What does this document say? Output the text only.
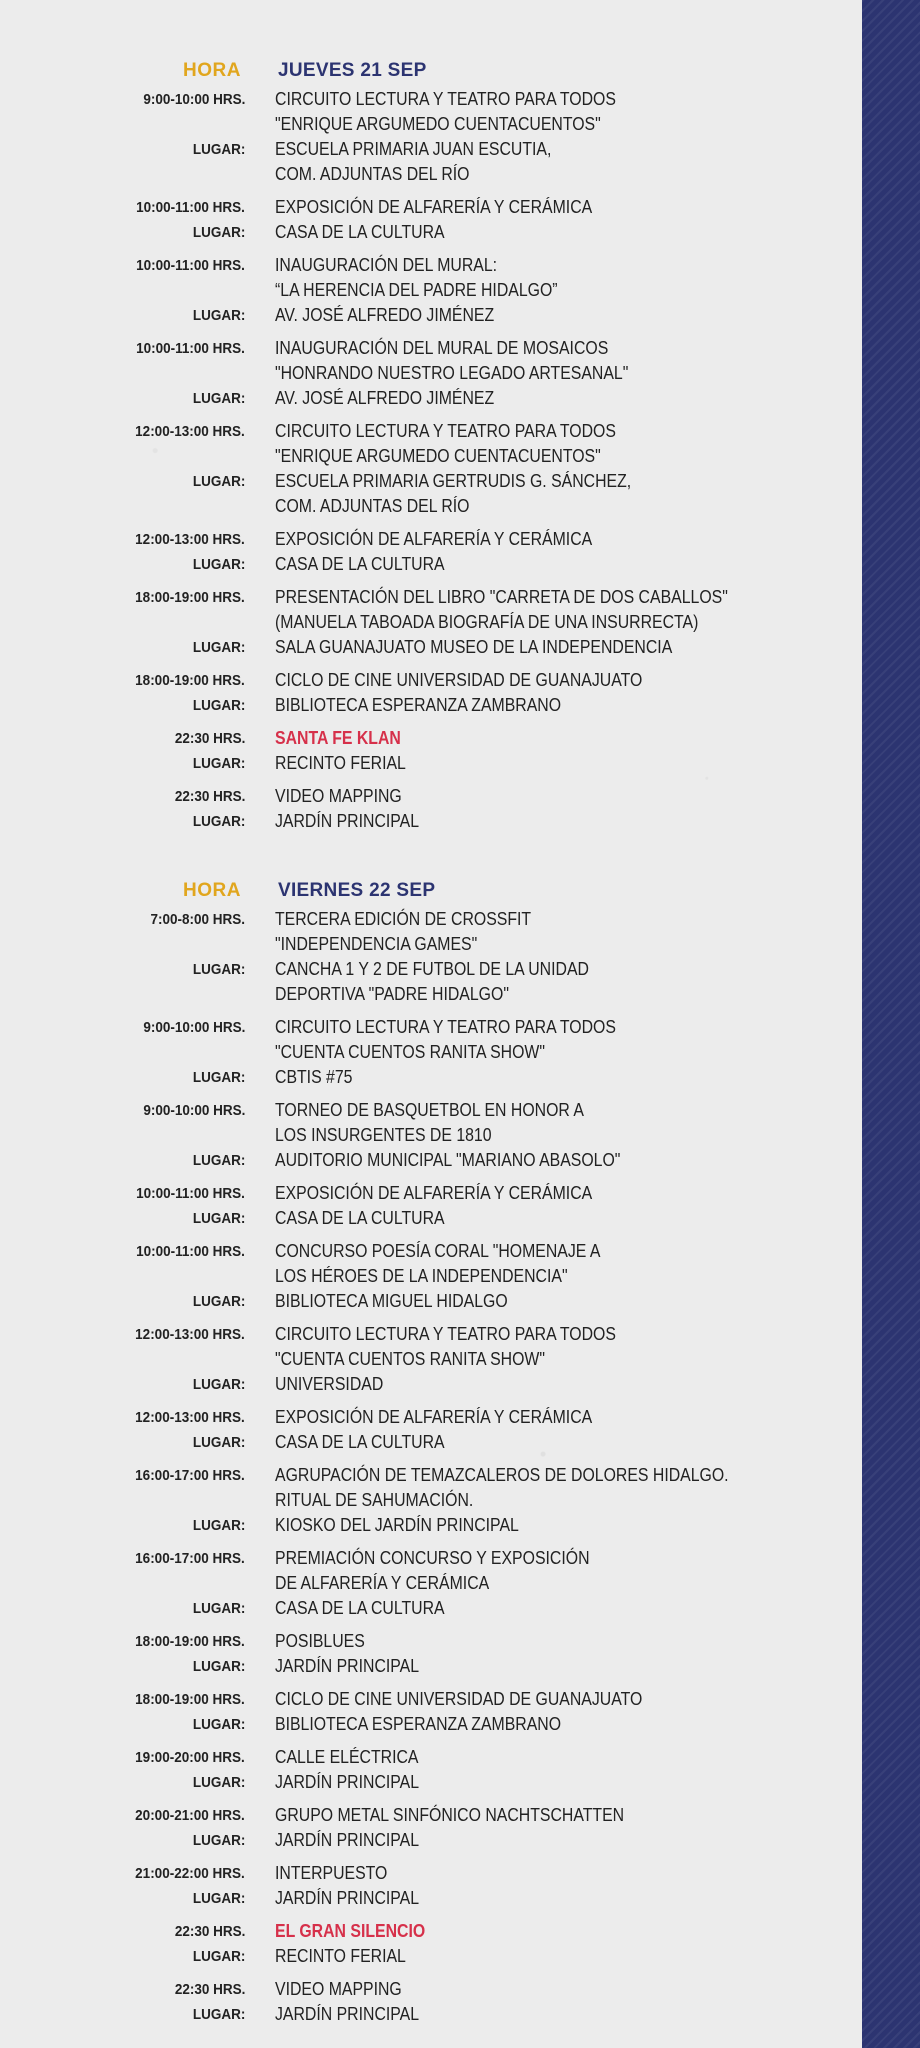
HORA JUEVES 21 SEP
9:00-10:00 HRS. CIRCUITO LECTURA Y TEATRO PARA TODOS
"ENRIQUE ARGUMEDO CUENTACUENTOS"
LUGAR: ESCUELA PRIMARIA JUAN ESCUTIA,
COM. ADJUNTAS DEL RÍO
10:00-11:00 HRS. EXPOSICIÓN DE ALFARERÍA Y CERÁMICA
LUGAR: CASA DE LA CULTURA
10:00-11:00 HRS. INAUGURACIÓN DEL MURAL:
“LA HERENCIA DEL PADRE HIDALGO”
LUGAR: AV. JOSÉ ALFREDO JIMÉNEZ
10:00-11:00 HRS. INAUGURACIÓN DEL MURAL DE MOSAICOS
"HONRANDO NUESTRO LEGADO ARTESANAL"
LUGAR: AV. JOSÉ ALFREDO JIMÉNEZ
12:00-13:00 HRS. CIRCUITO LECTURA Y TEATRO PARA TODOS
"ENRIQUE ARGUMEDO CUENTACUENTOS"
LUGAR: ESCUELA PRIMARIA GERTRUDIS G. SÁNCHEZ,
COM. ADJUNTAS DEL RÍO
12:00-13:00 HRS. EXPOSICIÓN DE ALFARERÍA Y CERÁMICA
LUGAR: CASA DE LA CULTURA
18:00-19:00 HRS. PRESENTACIÓN DEL LIBRO "CARRETA DE DOS CABALLOS"
(MANUELA TABOADA BIOGRAFÍA DE UNA INSURRECTA)
LUGAR: SALA GUANAJUATO MUSEO DE LA INDEPENDENCIA
18:00-19:00 HRS. CICLO DE CINE UNIVERSIDAD DE GUANAJUATO
LUGAR: BIBLIOTECA ESPERANZA ZAMBRANO
22:30 HRS. SANTA FE KLAN
LUGAR: RECINTO FERIAL
22:30 HRS. VIDEO MAPPING
LUGAR: JARDÍN PRINCIPAL
HORA VIERNES 22 SEP
7:00-8:00 HRS. TERCERA EDICIÓN DE CROSSFIT
"INDEPENDENCIA GAMES"
LUGAR: CANCHA 1 Y 2 DE FUTBOL DE LA UNIDAD
DEPORTIVA "PADRE HIDALGO"
9:00-10:00 HRS. CIRCUITO LECTURA Y TEATRO PARA TODOS
"CUENTA CUENTOS RANITA SHOW"
LUGAR: CBTIS #75
9:00-10:00 HRS. TORNEO DE BASQUETBOL EN HONOR A
LOS INSURGENTES DE 1810
LUGAR: AUDITORIO MUNICIPAL "MARIANO ABASOLO"
10:00-11:00 HRS. EXPOSICIÓN DE ALFARERÍA Y CERÁMICA
LUGAR: CASA DE LA CULTURA
10:00-11:00 HRS. CONCURSO POESÍA CORAL "HOMENAJE A
LOS HÉROES DE LA INDEPENDENCIA"
LUGAR: BIBLIOTECA MIGUEL HIDALGO
12:00-13:00 HRS. CIRCUITO LECTURA Y TEATRO PARA TODOS
"CUENTA CUENTOS RANITA SHOW"
LUGAR: UNIVERSIDAD
12:00-13:00 HRS. EXPOSICIÓN DE ALFARERÍA Y CERÁMICA
LUGAR: CASA DE LA CULTURA
16:00-17:00 HRS. AGRUPACIÓN DE TEMAZCALEROS DE DOLORES HIDALGO.
RITUAL DE SAHUMACIÓN.
LUGAR: KIOSKO DEL JARDÍN PRINCIPAL
16:00-17:00 HRS. PREMIACIÓN CONCURSO Y EXPOSICIÓN
DE ALFARERÍA Y CERÁMICA
LUGAR: CASA DE LA CULTURA
18:00-19:00 HRS. POSIBLUES
LUGAR: JARDÍN PRINCIPAL
18:00-19:00 HRS. CICLO DE CINE UNIVERSIDAD DE GUANAJUATO
LUGAR: BIBLIOTECA ESPERANZA ZAMBRANO
19:00-20:00 HRS. CALLE ELÉCTRICA
LUGAR: JARDÍN PRINCIPAL
20:00-21:00 HRS. GRUPO METAL SINFÓNICO NACHTSCHATTEN
LUGAR: JARDÍN PRINCIPAL
21:00-22:00 HRS. INTERPUESTO
LUGAR: JARDÍN PRINCIPAL
22:30 HRS. EL GRAN SILENCIO
LUGAR: RECINTO FERIAL
22:30 HRS. VIDEO MAPPING
LUGAR: JARDÍN PRINCIPAL
